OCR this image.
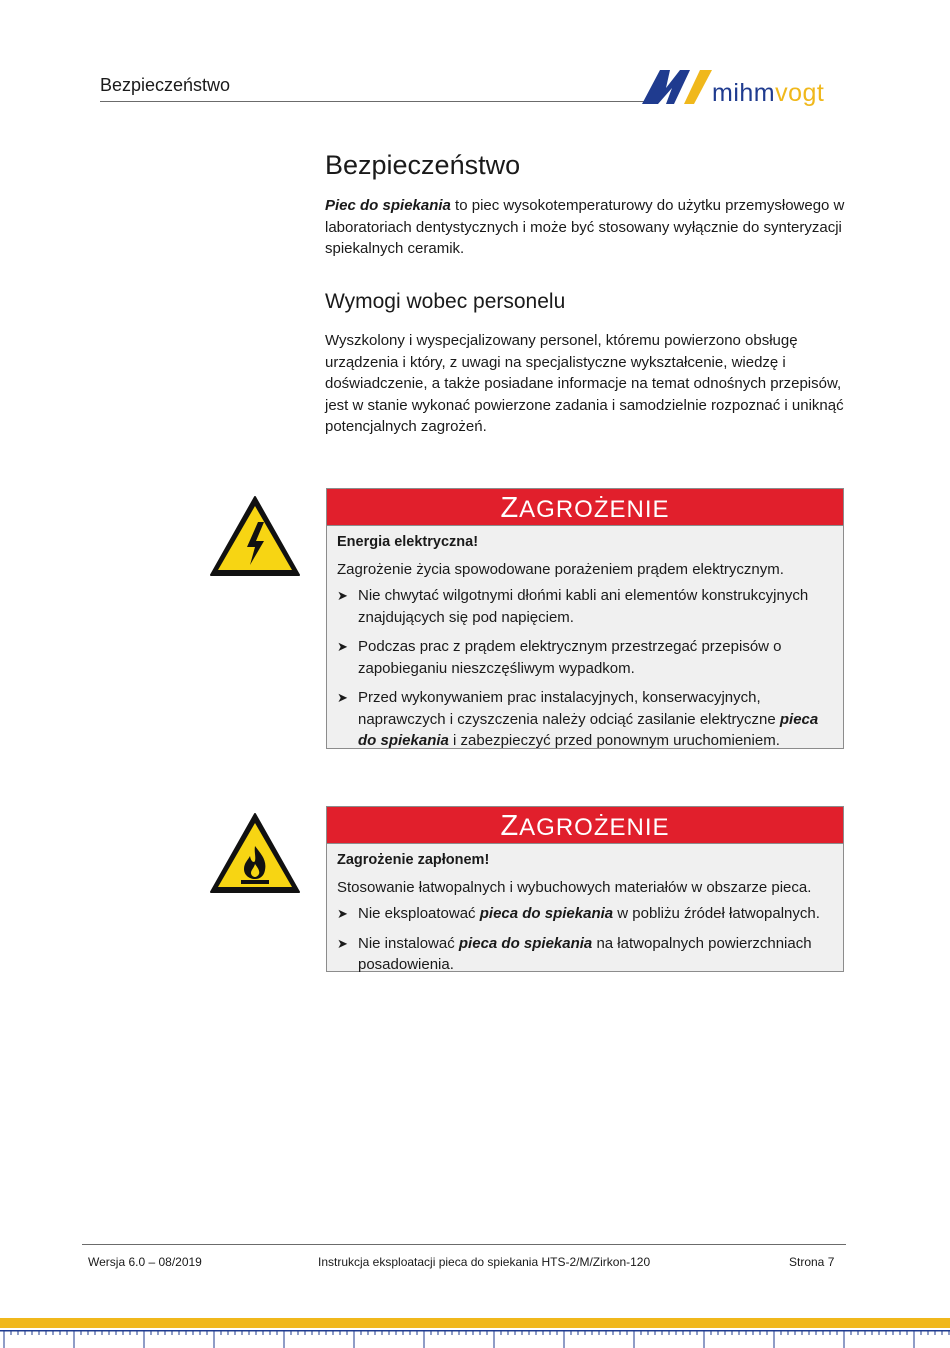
Bezpieczeństwo	mihmvogt
Bezpieczeństwo

Piec do spiekania to piec wysokotemperaturowy do użytku przemysłowego w laboratoriach dentystycznych i może być stosowany wyłącznie do synteryzacji spiekalnych ceramik.

Wymogi wobec personelu

Wyszkolony i wyspecjalizowany personel, któremu powierzono obsługę urządzenia i który, z uwagi na specjalistyczne wykształcenie, wiedzę i doświadczenie, a także posiadane informacje na temat odnośnych przepisów, jest w stanie wykonać powierzone zadania i samodzielnie rozpoznać i uniknąć potencjalnych zagrożeń.

ZAGROŻENIE

Energia elektryczna!

Zagrożenie życia spowodowane porażeniem prądem elektrycznym.

➤ Nie chwytać wilgotnymi dłońmi kabli ani elementów konstrukcyjnych znajdujących się pod napięciem.

➤ Podczas prac z prądem elektrycznym przestrzegać przepisów o zapobieganiu nieszczęśliwym wypadkom.

➤ Przed wykonywaniem prac instalacyjnych, konserwacyjnych, naprawczych i czyszczenia należy odciąć zasilanie elektryczne pieca do spiekania i zabezpieczyć przed ponownym uruchomieniem.

ZAGROŻENIE

Zagrożenie zapłonem!

Stosowanie łatwopalnych i wybuchowych materiałów w obszarze pieca.

➤ Nie eksploatować pieca do spiekania w pobliżu źródeł łatwopalnych.

➤ Nie instalować pieca do spiekania na łatwopalnych powierzchniach posadowienia.

Wersja 6.0 – 08/2019	Instrukcja eksploatacji pieca do spiekania HTS-2/M/Zirkon-120	Strona 7
